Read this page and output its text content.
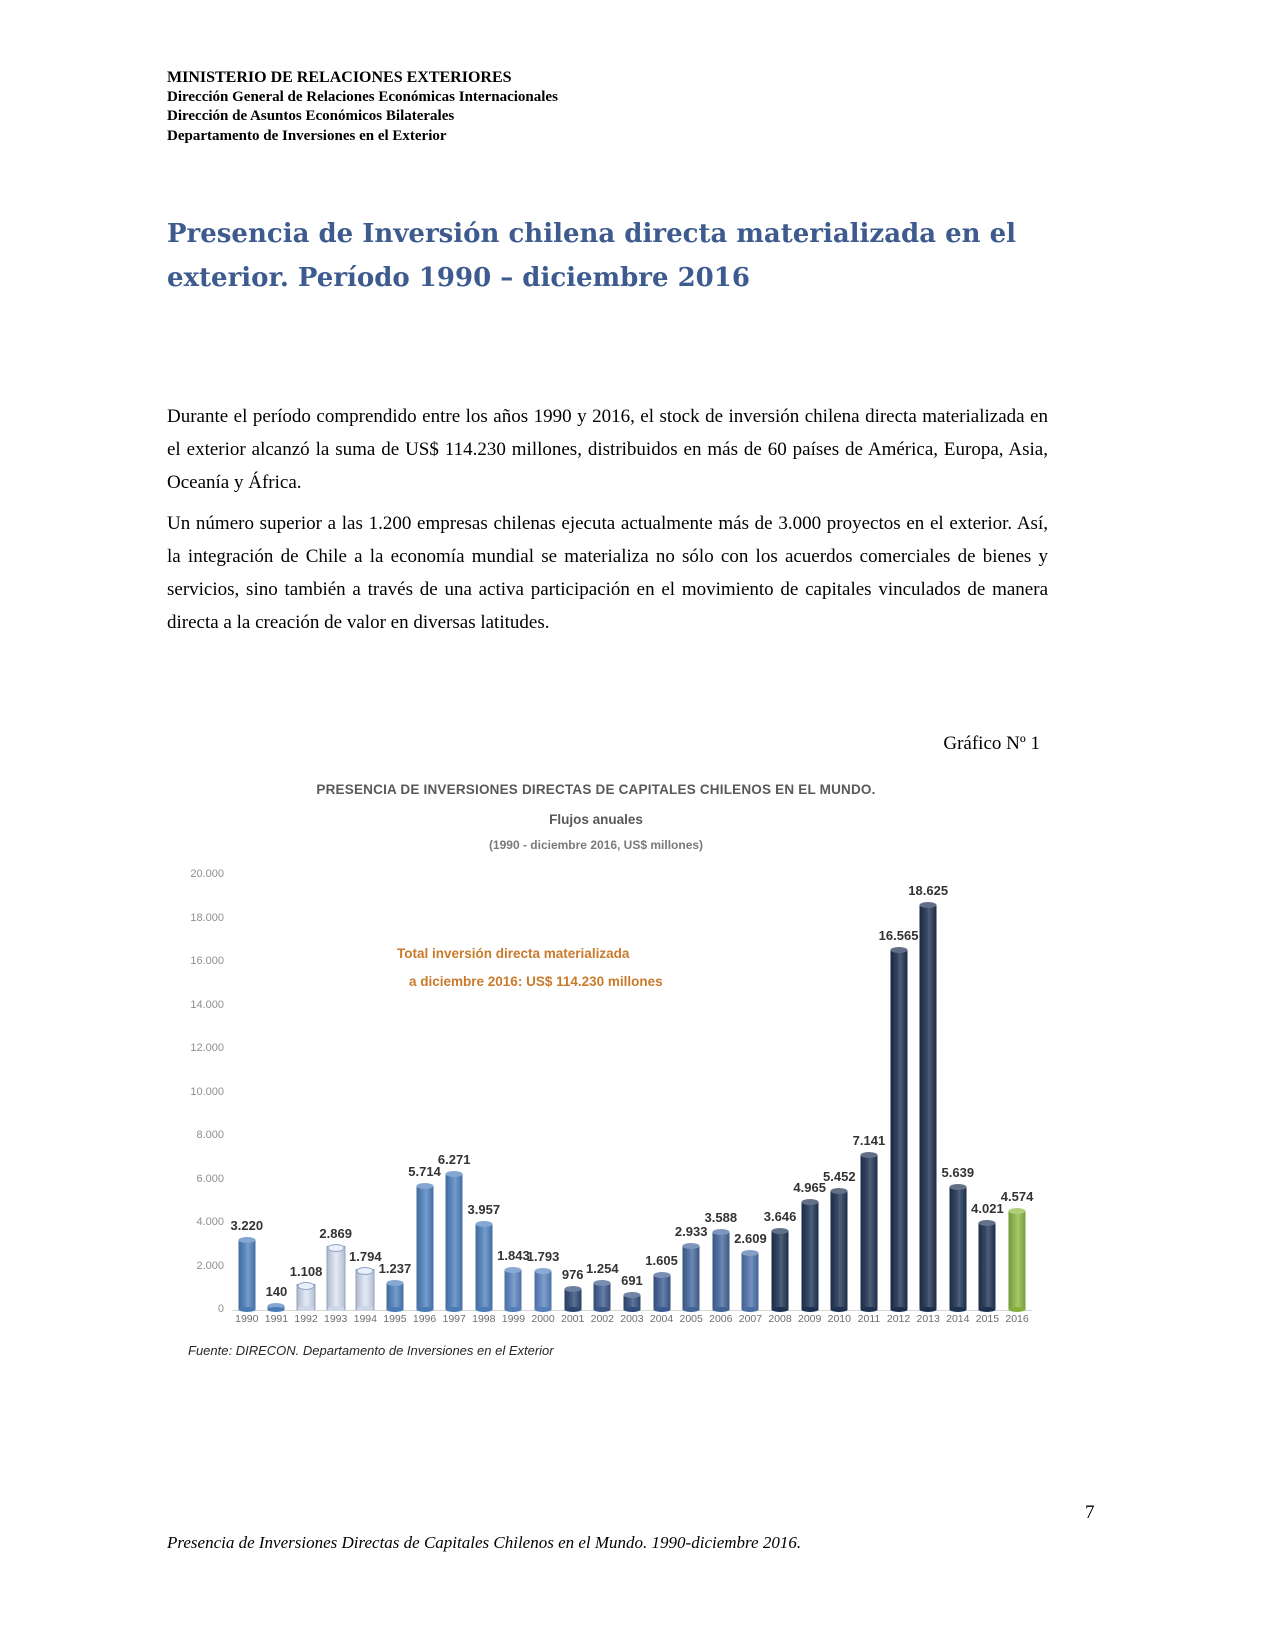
MINISTERIO DE RELACIONES EXTERIORES
Dirección General de Relaciones Económicas Internacionales
Dirección de Asuntos Económicos Bilaterales
Departamento de Inversiones en el Exterior
Presencia de Inversión chilena directa materializada en el
exterior. Período 1990 – diciembre 2016

Durante el período comprendido entre los años 1990 y 2016, el stock de inversión chilena directa materializada en el exterior alcanzó la suma de US$ 114.230 millones, distribuidos en más de 60 países de América, Europa, Asia, Oceanía y África.

Un número superior a las 1.200 empresas chilenas ejecuta actualmente más de 3.000 proyectos en el exterior. Así, la integración de Chile a la economía mundial se materializa no sólo con los acuerdos comerciales de bienes y servicios, sino también a través de una activa participación en el movimiento de capitales vinculados de manera directa a la creación de valor en diversas latitudes.

Gráfico Nº 1
PRESENCIA DE INVERSIONES DIRECTAS DE CAPITALES CHILENOS EN EL MUNDO.
Flujos anuales
(1990 - diciembre 2016, US$ millones)
Total inversión directa materializada
a diciembre 2016: US$ 114.230 millones
20.000
18.000
16.000
14.000
12.000
10.000
8.000
6.000
4.000
2.000
0
3.220
140
1.108
2.869
1.794
1.237
5.714
6.271
3.957
1.843
1.793
976 1.254
691
1.605
2.933
3.588
2.609
3.646
4.965
5.452
7.141
16.565
18.625
5.639
4.021
4.574
1990 1991 1992 1993 1994 1995 1996 1997 1998 1999 2000 2001 2002 2003 2004 2005 2006 2007 2008 2009 2010 2011 2012 2013 2014 2015 2016
Fuente: DIRECON. Departamento de Inversiones en el Exterior
7
Presencia de Inversiones Directas de Capitales Chilenos en el Mundo. 1990-diciembre 2016.
